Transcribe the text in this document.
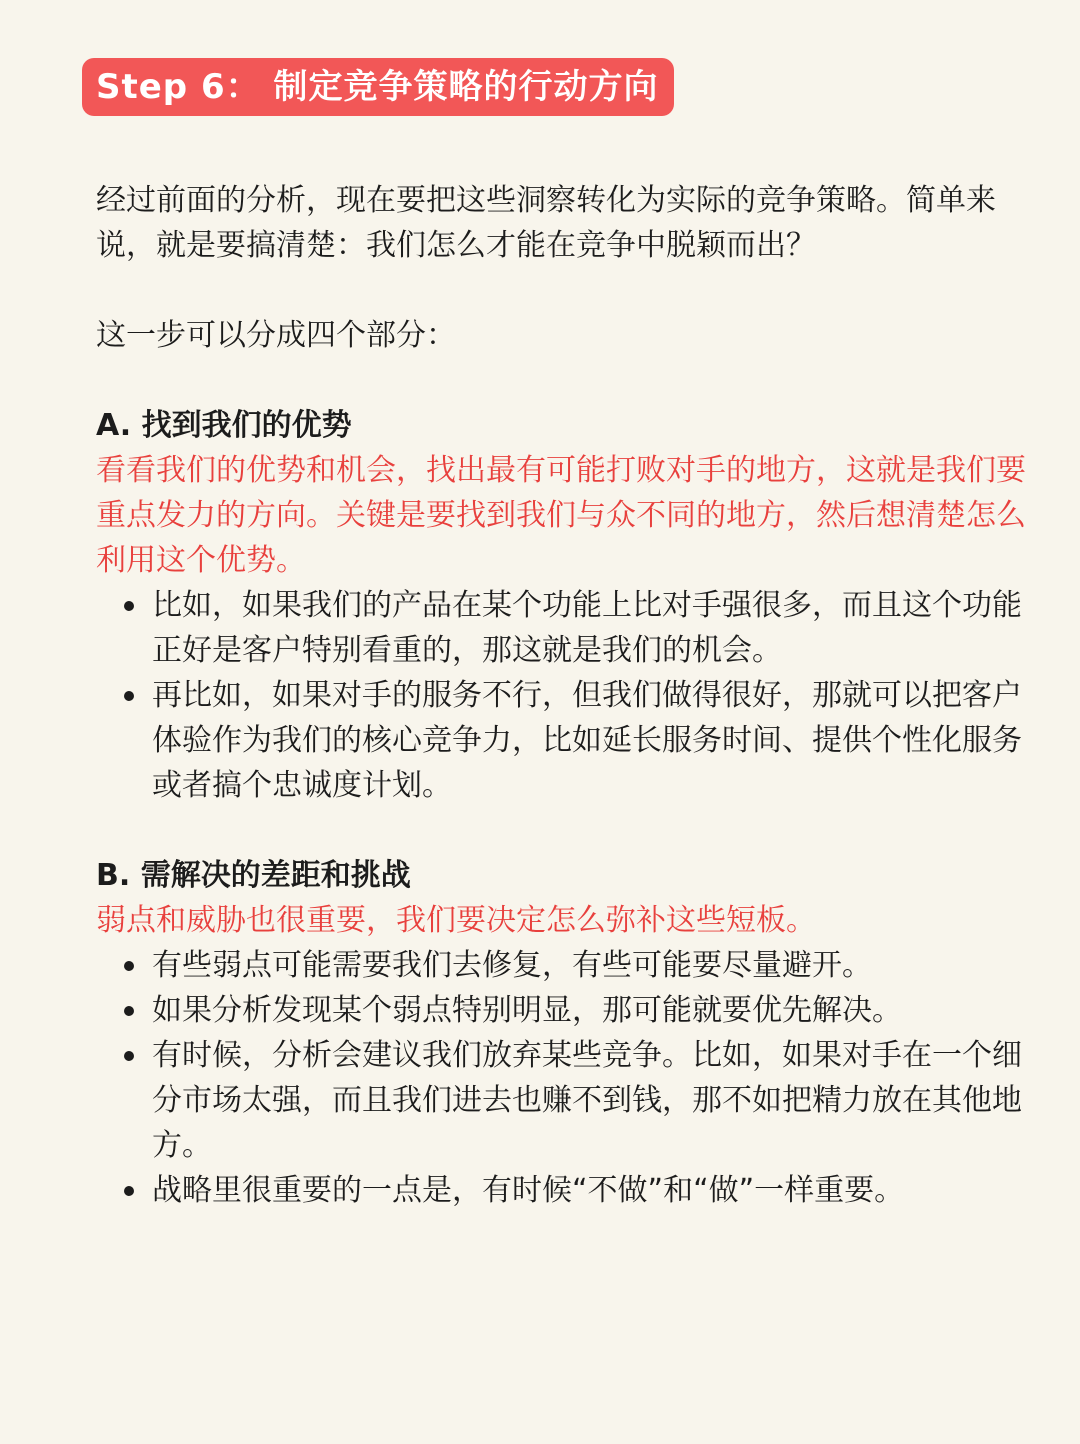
Step 6： 制定竞争策略的行动方向

经过前面的分析，现在要把这些洞察转化为实际的竞争策略。简单来说，就是要搞清楚：我们怎么才能在竞争中脱颖而出？

这一步可以分成四个部分：

A. 找到我们的优势

看看我们的优势和机会，找出最有可能打败对手的地方，这就是我们要重点发力的方向。关键是要找到我们与众不同的地方，然后想清楚怎么利用这个优势。

比如，如果我们的产品在某个功能上比对手强很多，而且这个功能正好是客户特别看重的，那这就是我们的机会。
再比如，如果对手的服务不行，但我们做得很好，那就可以把客户体验作为我们的核心竞争力，比如延长服务时间、提供个性化服务或者搞个忠诚度计划。

B. 需解决的差距和挑战

弱点和威胁也很重要，我们要决定怎么弥补这些短板。

有些弱点可能需要我们去修复，有些可能要尽量避开。
如果分析发现某个弱点特别明显，那可能就要优先解决。
有时候，分析会建议我们放弃某些竞争。比如，如果对手在一个细分市场太强，而且我们进去也赚不到钱，那不如把精力放在其他地方。
战略里很重要的一点是，有时候“不做”和“做”一样重要。
